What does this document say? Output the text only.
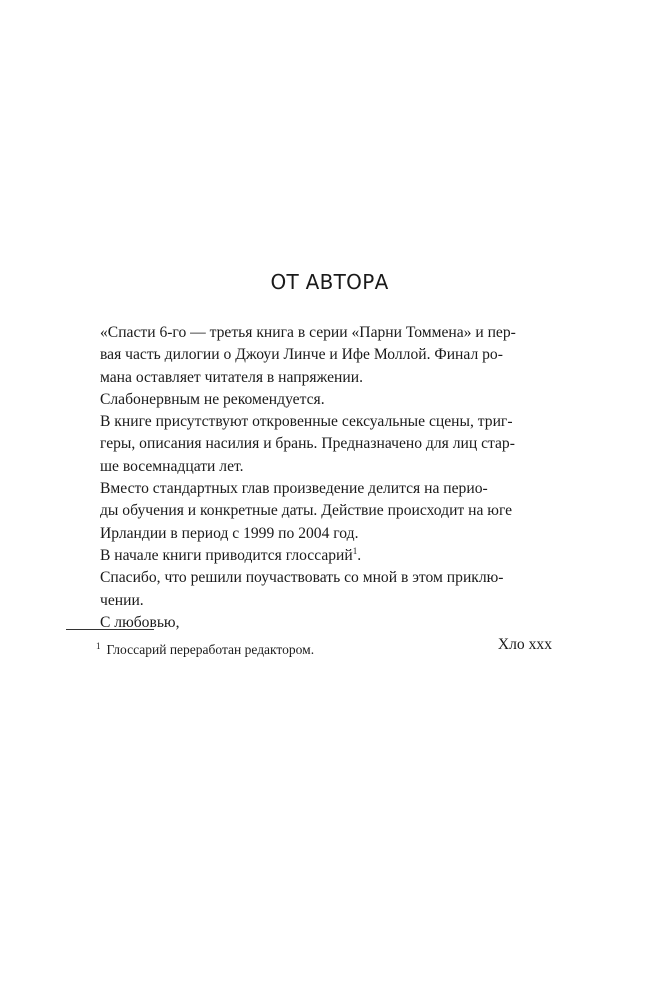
ОТ АВТОРА

«Спасти 6-го — третья книга в серии «Парни Томмена» и пер-
вая часть дилогии о Джоуи Линче и Ифе Моллой. Финал ро-
мана оставляет читателя в напряжении.

Слабонервным не рекомендуется.

В книге присутствуют откровенные сексуальные сцены, триг-
геры, описания насилия и брань. Предназначено для лиц стар-
ше восемнадцати лет.

Вместо стандартных глав произведение делится на перио-
ды обучения и конкретные даты. Действие происходит на юге
Ирландии в период с 1999 по 2004 год.

В начале книги приводится глоссарий$^1$.

Спасибо, что решили поучаствовать со мной в этом приклю-
чении.

С любовью,

Хло ххх

$^1$ Глоссарий переработан редактором.
